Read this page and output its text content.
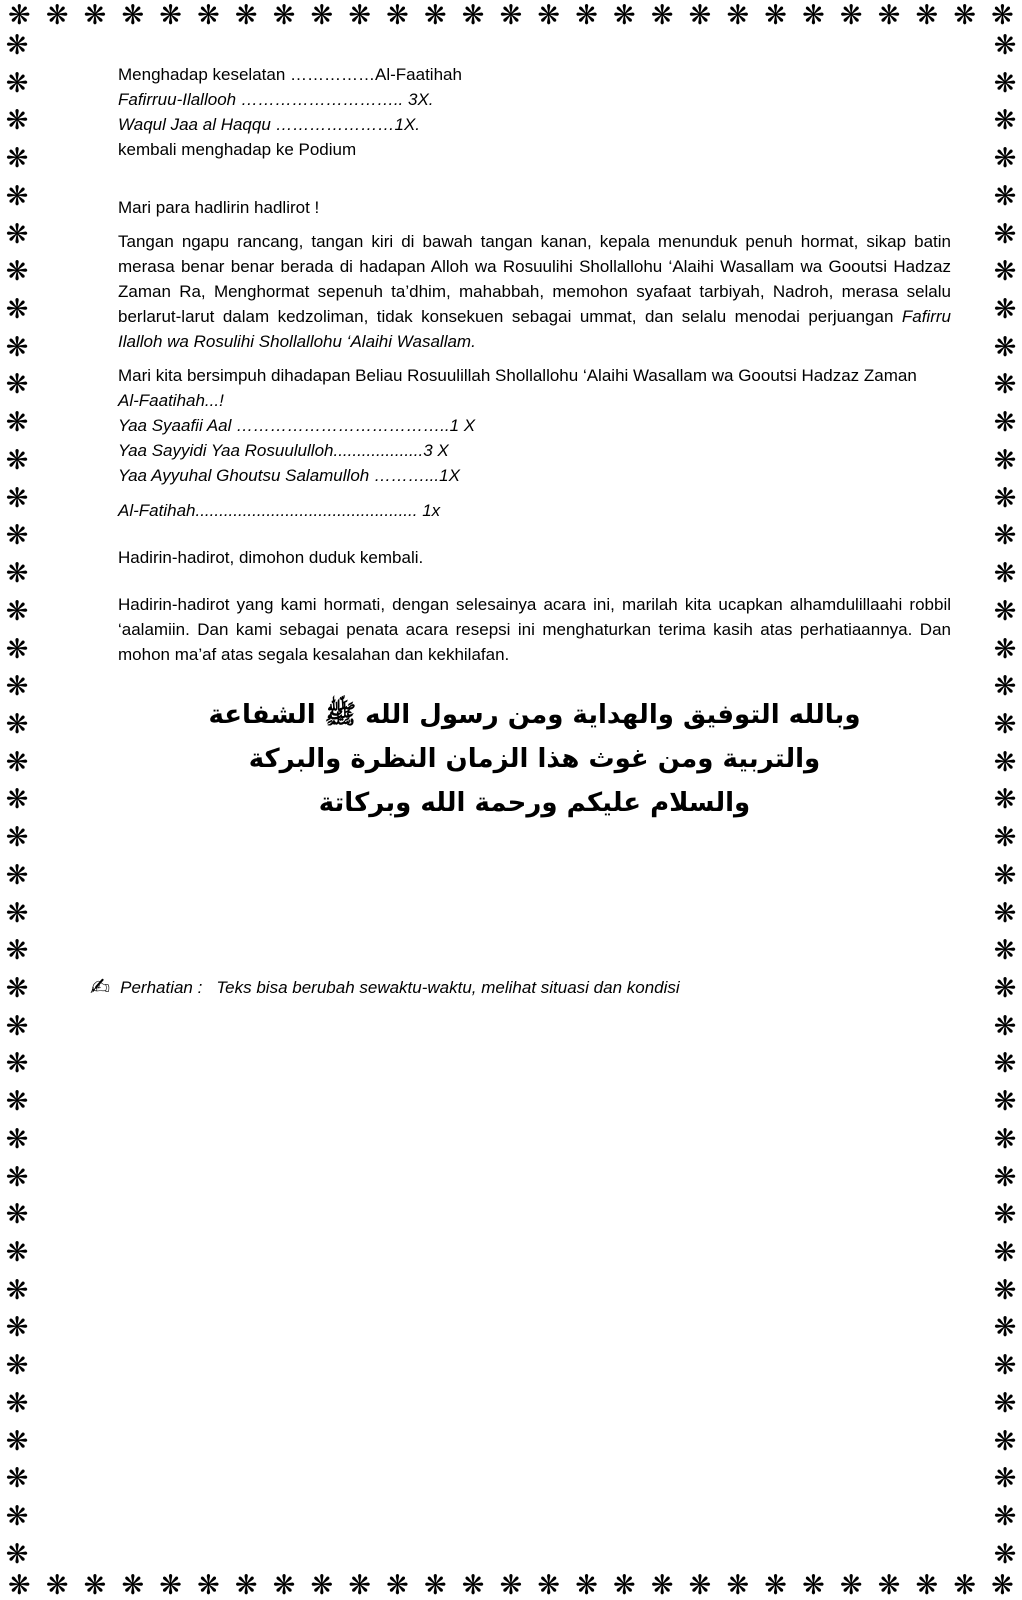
❋ ❋ ❋ ❋ ❋ ❋ ❋ ❋ ❋ ❋ ❋ ❋ ❋ ❋ ❋ ❋ ❋ ❋ ❋ ❋ ❋ ❋ ❋ ❋ ❋ ❋ ❋
❋
❋
❋
❋
❋
❋
❋
❋
❋
❋
❋
❋
❋
❋
❋
❋
❋
❋
❋
❋
❋
❋
❋
❋
❋
❋
❋
❋
❋
❋
❋
❋
❋
❋
❋
❋
❋
❋
❋
❋
❋
❋
❋
❋
❋
❋
❋
❋
❋
❋
❋
❋
❋
❋
❋
❋
❋
❋
❋
❋
❋
❋
❋
❋
❋
❋
❋
❋
❋
❋
❋
❋
❋
❋
❋
❋
❋
❋
❋
❋
❋
❋
❋ ❋ ❋ ❋ ❋ ❋ ❋ ❋ ❋ ❋ ❋ ❋ ❋ ❋ ❋ ❋ ❋ ❋ ❋ ❋ ❋ ❋ ❋ ❋ ❋ ❋ ❋

Menghadap keselatan ……………Al-Faatihah

Fafirruu-Ilallooh ……………………….. 3X.

Waqul Jaa al Haqqu …………………1X.

kembali menghadap ke Podium

Mari para hadlirin hadlirot !

Tangan ngapu rancang, tangan kiri di bawah tangan kanan, kepala menunduk penuh hormat, sikap batin merasa benar benar berada di hadapan Alloh wa Rosuulihi Shollallohu ‘Alaihi Wasallam wa Gooutsi Hadzaz Zaman Ra, Menghormat sepenuh ta’dhim, mahabbah, memohon syafaat tarbiyah, Nadroh, merasa selalu berlarut-larut dalam kedzoliman, tidak konsekuen sebagai ummat, dan selalu menodai perjuangan Fafirru Ilalloh wa Rosulihi Shollallohu ‘Alaihi Wasallam.

Mari kita bersimpuh dihadapan Beliau Rosuulillah Shollallohu ‘Alaihi Wasallam wa Gooutsi Hadzaz Zaman

Al-Faatihah...!

Yaa Syaafii Aal ………………………………..1 X

Yaa Sayyidi Yaa Rosuululloh...................3 X

Yaa Ayyuhal Ghoutsu Salamulloh ………...1X

Al-Fatihah............................................... 1x

Hadirin-hadirot, dimohon duduk kembali.

Hadirin-hadirot yang kami hormati, dengan selesainya acara ini, marilah kita ucapkan alhamdulillaahi robbil ‘aalamiin. Dan kami sebagai penata acara resepsi ini menghaturkan terima kasih atas perhatiaannya. Dan mohon ma’af atas segala kesalahan dan kekhilafan.

وبالله التوفيق والهداية ومن رسول الله ﷺ الشفاعة
والتربية ومن غوث هذا الزمان النظرة والبركة
والسلام عليكم ورحمة الله وبركاتة
✍ Perhatian : Teks bisa berubah sewaktu-waktu, melihat situasi dan kondisi
